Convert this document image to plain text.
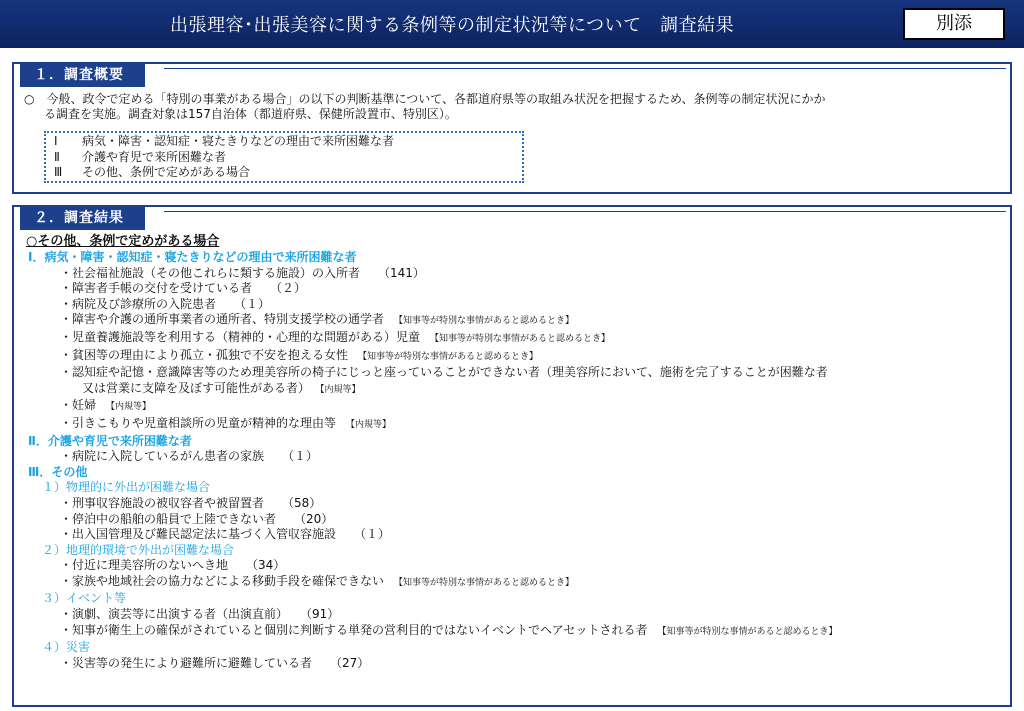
出張理容･出張美容に関する条例等の制定状況等について　調査結果	別添
１．調査概要
○　今般、政令で定める「特別の事業がある場合」の以下の判断基準について、各都道府県等の取組み状況を把握するため、条例等の制定状況にかか
る調査を実施。調査対象は157自治体（都道府県、保健所設置市、特別区）。
Ⅰ 病気・障害・認知症・寝たきりなどの理由で来所困難な者
Ⅱ 介護や育児で来所困難な者
Ⅲ その他、条例で定めがある場合
２．調査結果
○その他、条例で定めがある場合
Ⅰ．病気・障害・認知症・寝たきりなどの理由で来所困難な者
・社会福祉施設（その他これらに類する施設）の入所者 （141）
・障害者手帳の交付を受けている者 （２）
・病院及び診療所の入院患者 （１）
・障害や介護の通所事業者の通所者、特別支援学校の通学者 【知事等が特別な事情があると認めるとき】
・児童養護施設等を利用する（精神的・心理的な問題がある）児童 【知事等が特別な事情があると認めるとき】
・貧困等の理由により孤立・孤独で不安を抱える女性 【知事等が特別な事情があると認めるとき】
・認知症や記憶・意識障害等のため理美容所の椅子にじっと座っていることができない者（理美容所において、施術を完了することが困難な者
又は営業に支障を及ぼす可能性がある者） 【内規等】
・妊婦 【内規等】
・引きこもりや児童相談所の児童が精神的な理由等 【内規等】
Ⅱ．介護や育児で来所困難な者
・病院に入院しているがん患者の家族 （１）
Ⅲ．その他
１）物理的に外出が困難な場合
・刑事収容施設の被収容者や被留置者 （58）
・停泊中の船舶の船員で上陸できない者 （20）
・出入国管理及び難民認定法に基づく入管収容施設 （１）
２）地理的環境で外出が困難な場合
・付近に理美容所のないへき地 （34）
・家族や地域社会の協力などによる移動手段を確保できない 【知事等が特別な事情があると認めるとき】
３）イベント等
・演劇、演芸等に出演する者（出演直前） （91）
・知事が衛生上の確保がされていると個別に判断する単発の営利目的ではないイベントでヘアセットされる者 【知事等が特別な事情があると認めるとき】
４）災害
・災害等の発生により避難所に避難している者 （27）
